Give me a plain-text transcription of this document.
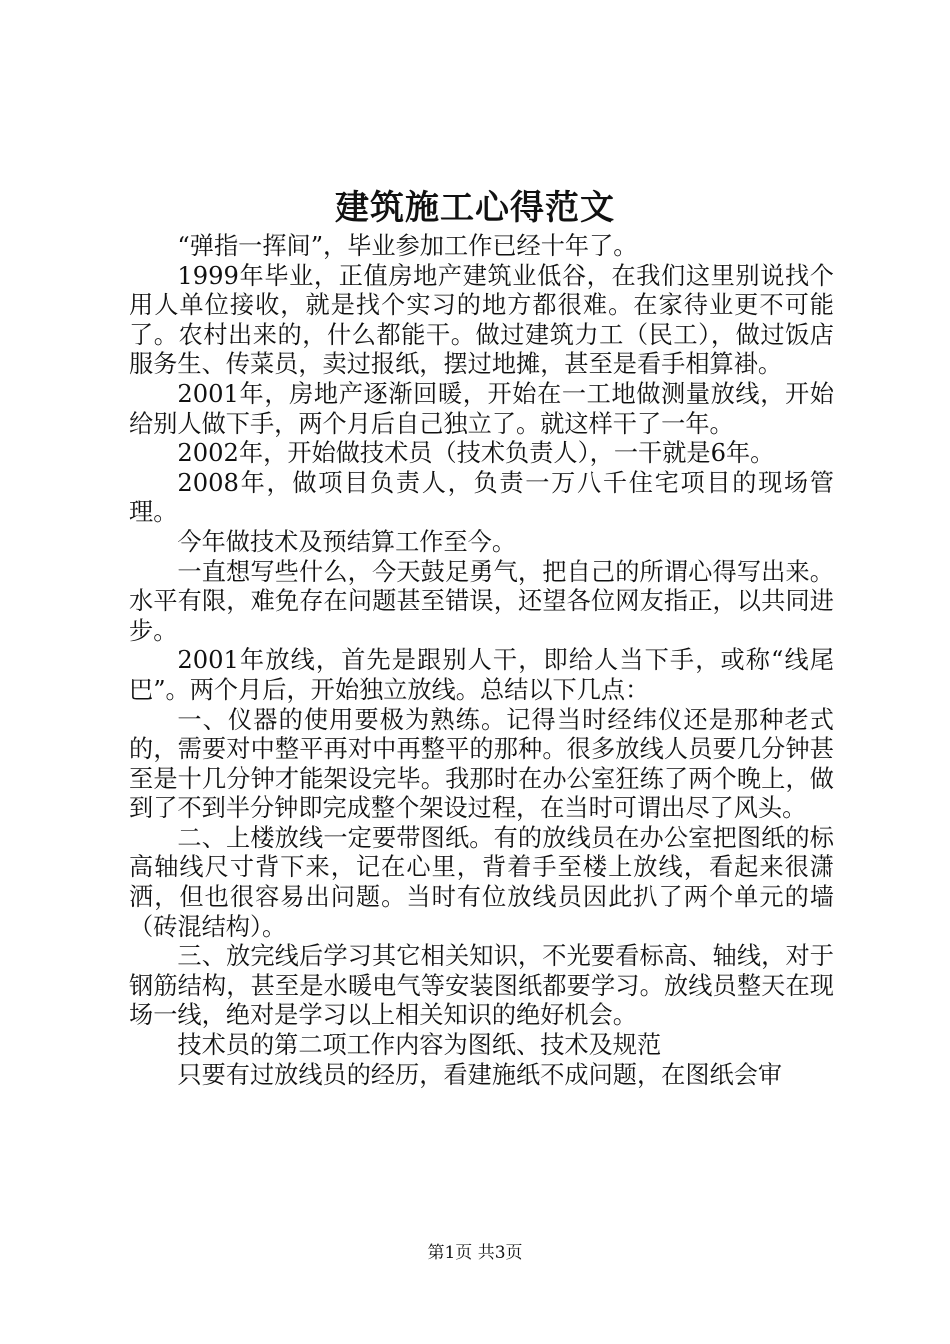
建筑施工心得范文

“弹指一挥间”，毕业参加工作已经十年了。

1999年毕业，正值房地产建筑业低谷，在我们这里别说找个用人单位接收，就是找个实习的地方都很难。在家待业更不可能了。农村出来的，什么都能干。做过建筑力工（民工），做过饭店服务生、传菜员，卖过报纸，摆过地摊，甚至是看手相算褂。

2001年，房地产逐渐回暖，开始在一工地做测量放线，开始给别人做下手，两个月后自己独立了。就这样干了一年。

2002年，开始做技术员（技术负责人），一干就是6年。

2008年，做项目负责人，负责一万八千住宅项目的现场管理。

今年做技术及预结算工作至今。

一直想写些什么，今天鼓足勇气，把自己的所谓心得写出来。水平有限，难免存在问题甚至错误，还望各位网友指正，以共同进步。

2001年放线，首先是跟别人干，即给人当下手，或称“线尾巴”。两个月后，开始独立放线。总结以下几点：

一、仪器的使用要极为熟练。记得当时经纬仪还是那种老式的，需要对中整平再对中再整平的那种。很多放线人员要几分钟甚至是十几分钟才能架设完毕。我那时在办公室狂练了两个晚上，做到了不到半分钟即完成整个架设过程，在当时可谓出尽了风头。

二、上楼放线一定要带图纸。有的放线员在办公室把图纸的标高轴线尺寸背下来，记在心里，背着手至楼上放线，看起来很潇洒，但也很容易出问题。当时有位放线员因此扒了两个单元的墙（砖混结构）。

三、放完线后学习其它相关知识，不光要看标高、轴线，对于钢筋结构，甚至是水暖电气等安装图纸都要学习。放线员整天在现场一线，绝对是学习以上相关知识的绝好机会。

技术员的第二项工作内容为图纸、技术及规范

只要有过放线员的经历，看建施纸不成问题，在图纸会审

第1页 共3页
